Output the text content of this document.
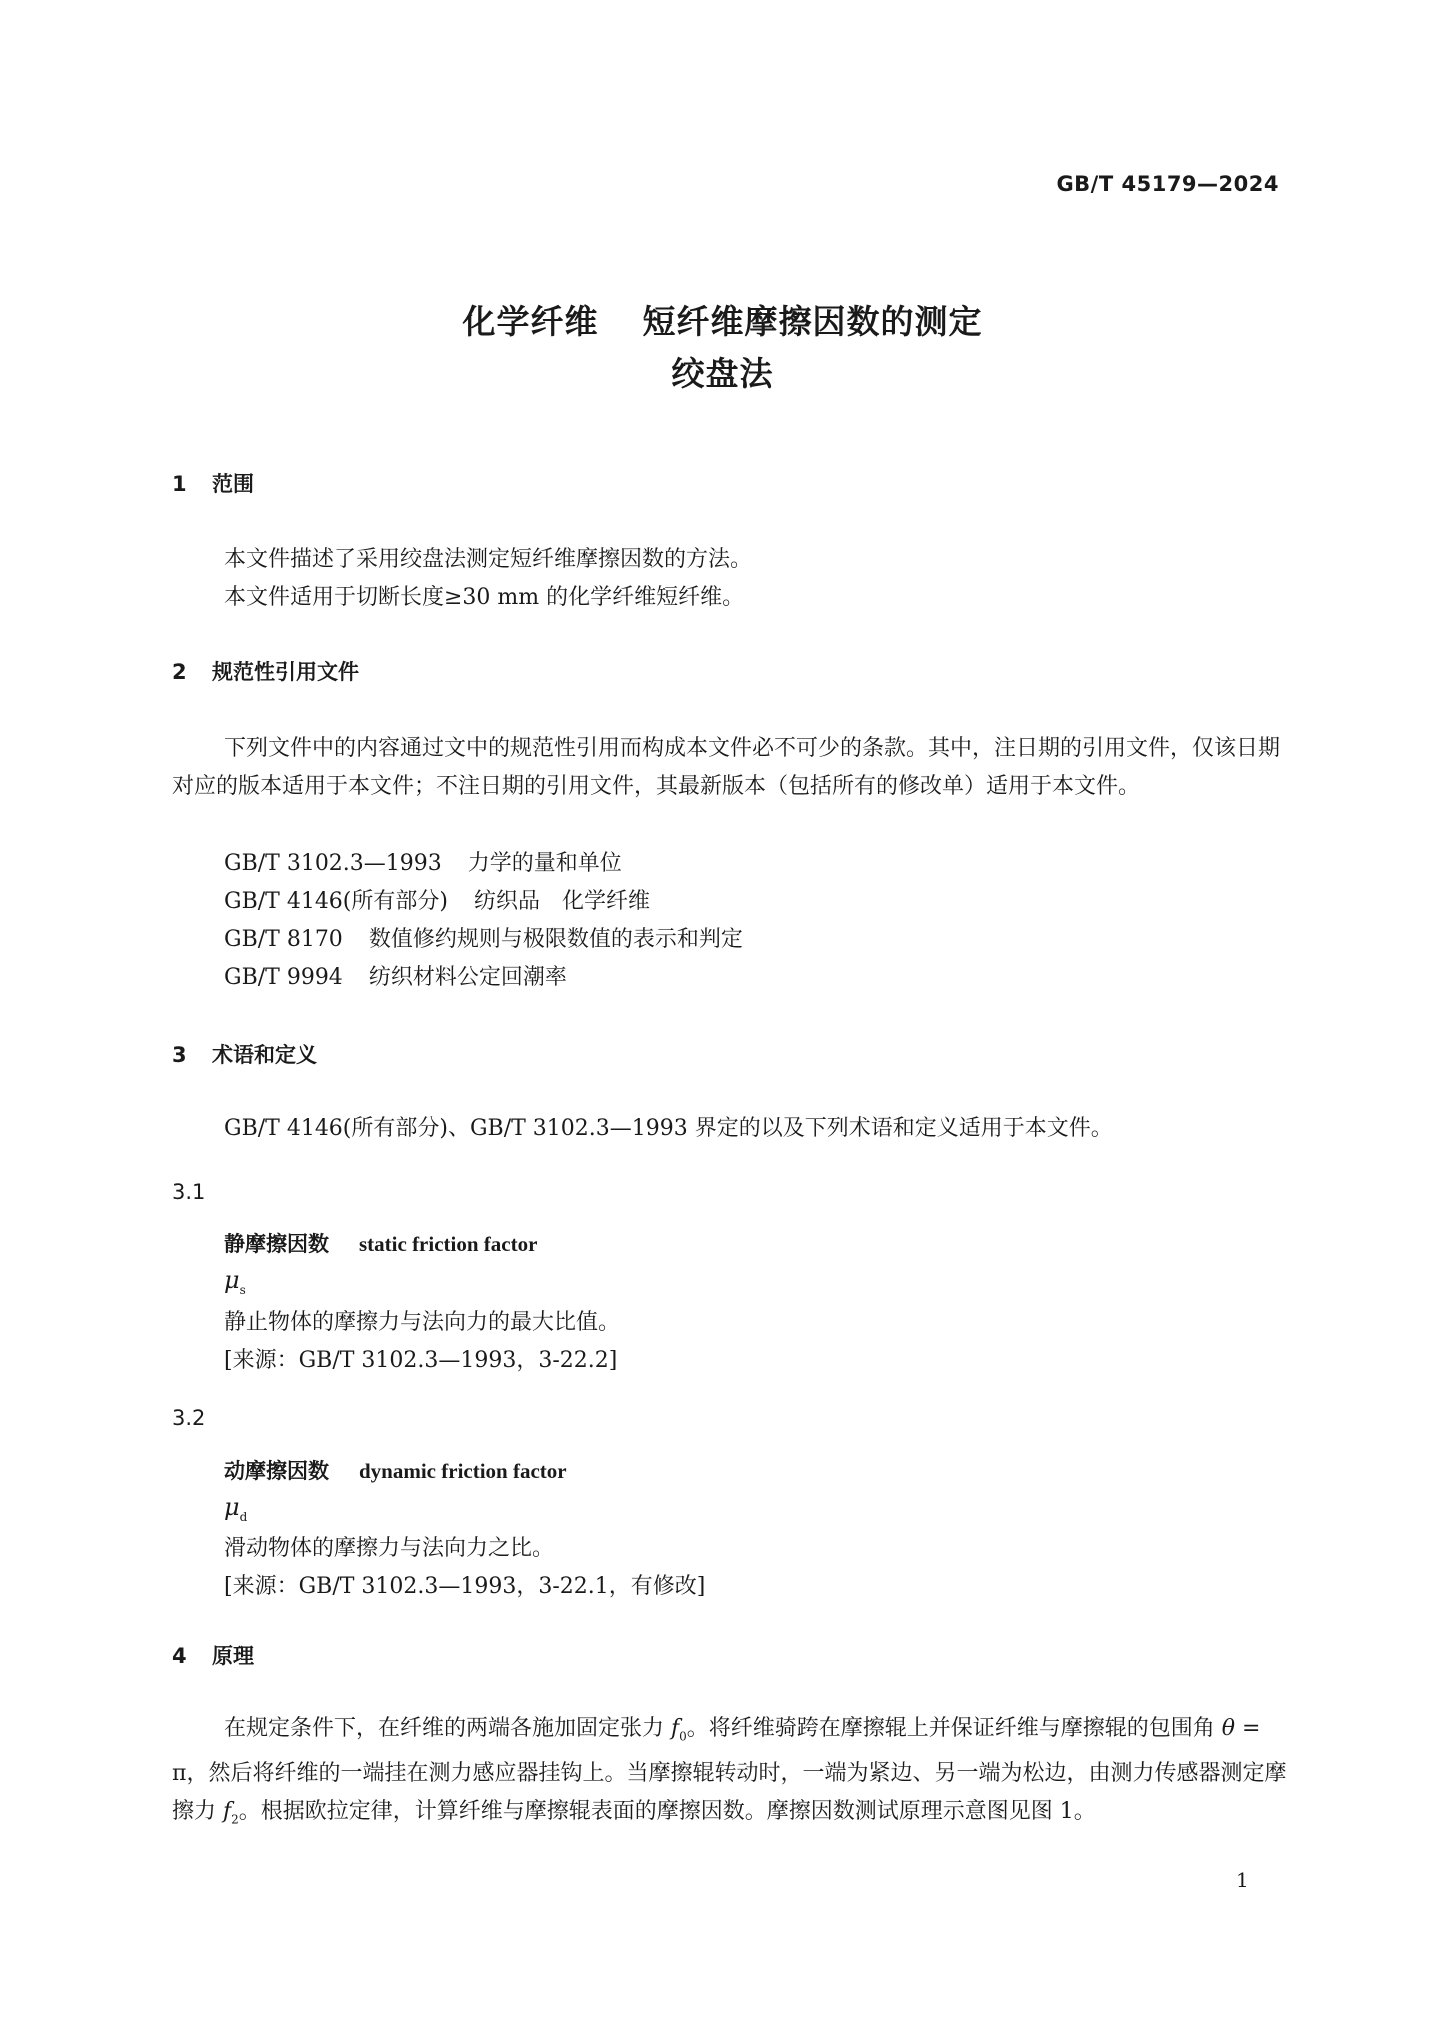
GB/T 45179—2024
化学纤维 短纤维摩擦因数的测定
绞盘法
1 范围
本文件描述了采用绞盘法测定短纤维摩擦因数的方法。
本文件适用于切断长度≥30 mm 的化学纤维短纤维。
2 规范性引用文件
下列文件中的内容通过文中的规范性引用而构成本文件必不可少的条款。其中，注日期的引用文件，仅该日期对应的版本适用于本文件；不注日期的引用文件，其最新版本（包括所有的修改单）适用于本文件。
GB/T 3102.3—1993 力学的量和单位
GB/T 4146(所有部分) 纺织品　化学纤维
GB/T 8170 数值修约规则与极限数值的表示和判定
GB/T 9994 纺织材料公定回潮率
3 术语和定义
GB/T 4146(所有部分)、GB/T 3102.3—1993 界定的以及下列术语和定义适用于本文件。
3.1
静摩擦因数 static friction factor
$\mu_s$
静止物体的摩擦力与法向力的最大比值。
[来源：GB/T 3102.3—1993，3-22.2]
3.2
动摩擦因数 dynamic friction factor
$\mu_d$
滑动物体的摩擦力与法向力之比。
[来源：GB/T 3102.3—1993，3-22.1，有修改]
4 原理
在规定条件下，在纤维的两端各施加固定张力 $f_0$。将纤维骑跨在摩擦辊上并保证纤维与摩擦辊的包围角 θ = π，然后将纤维的一端挂在测力感应器挂钩上。当摩擦辊转动时，一端为紧边、另一端为松边，由测力传感器测定摩擦力 $f_2$。根据欧拉定律，计算纤维与摩擦辊表面的摩擦因数。摩擦因数测试原理示意图见图 1。
1
